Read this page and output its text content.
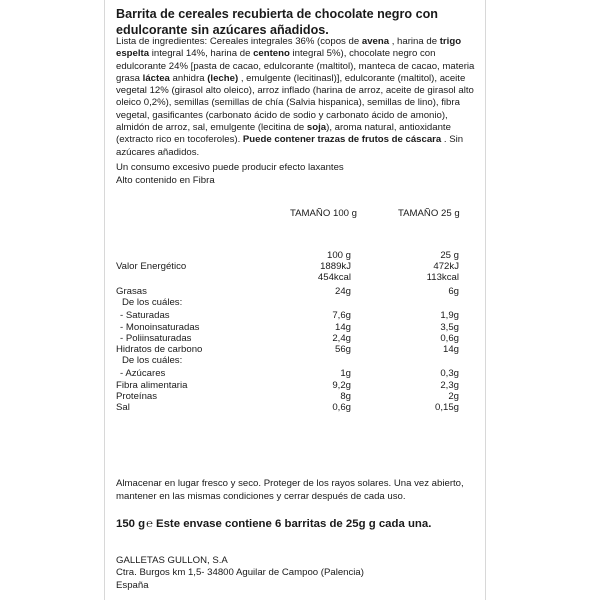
Barrita de cereales recubierta de chocolate negro con edulcorante sin azúcares añadidos.

Lista de ingredientes: Cereales integrales 36% (copos de avena , harina de trigo espelta integral 14%, harina de centeno integral 5%), chocolate negro con edulcorante 24% [pasta de cacao, edulcorante (maltitol), manteca de cacao, materia grasa láctea anhidra (leche) , emulgente (lecitinasl)], edulcorante (maltitol), aceite vegetal 12% (girasol alto oleico), arroz inflado (harina de arroz, aceite de girasol alto oleico 0,2%), semillas (semillas de chía (Salvia hispanica), semillas de lino), fibra vegetal, gasificantes (carbonato ácido de sodio y carbonato ácido de amonio), almidón de arroz, sal, emulgente (lecitina de soja), aroma natural, antioxidante (extracto rico en tocoferoles). Puede contener trazas de frutos de cáscara . Sin azúcares añadidos.

Un consumo excesivo puede producir efecto laxantes

Alto contenido en Fibra

TAMAÑO 100 g	TAMAÑO 25 g
100 g	25 g
Valor Energético	1889kJ	472kJ
454kcal	113kcal
Grasas	24g	6g
De los cuáles:
- Saturadas	7,6g	1,9g
- Monoinsaturadas	14g	3,5g
- Poliinsaturadas	2,4g	0,6g
Hidratos de carbono	56g	14g
De los cuáles:
- Azúcares	1g	0,3g
Fibra alimentaria	9,2g	2,3g
Proteínas	8g	2g
Sal	0,6g	0,15g

Almacenar en lugar fresco y seco. Proteger de los rayos solares. Una vez abierto, mantener en las mismas condiciones y cerrar después de cada uso.

150 g℮ Este envase contiene 6 barritas de 25g g cada una.
GALLETAS GULLON, S.A
Ctra. Burgos km 1,5- 34800 Aguilar de Campoo (Palencia)
España
